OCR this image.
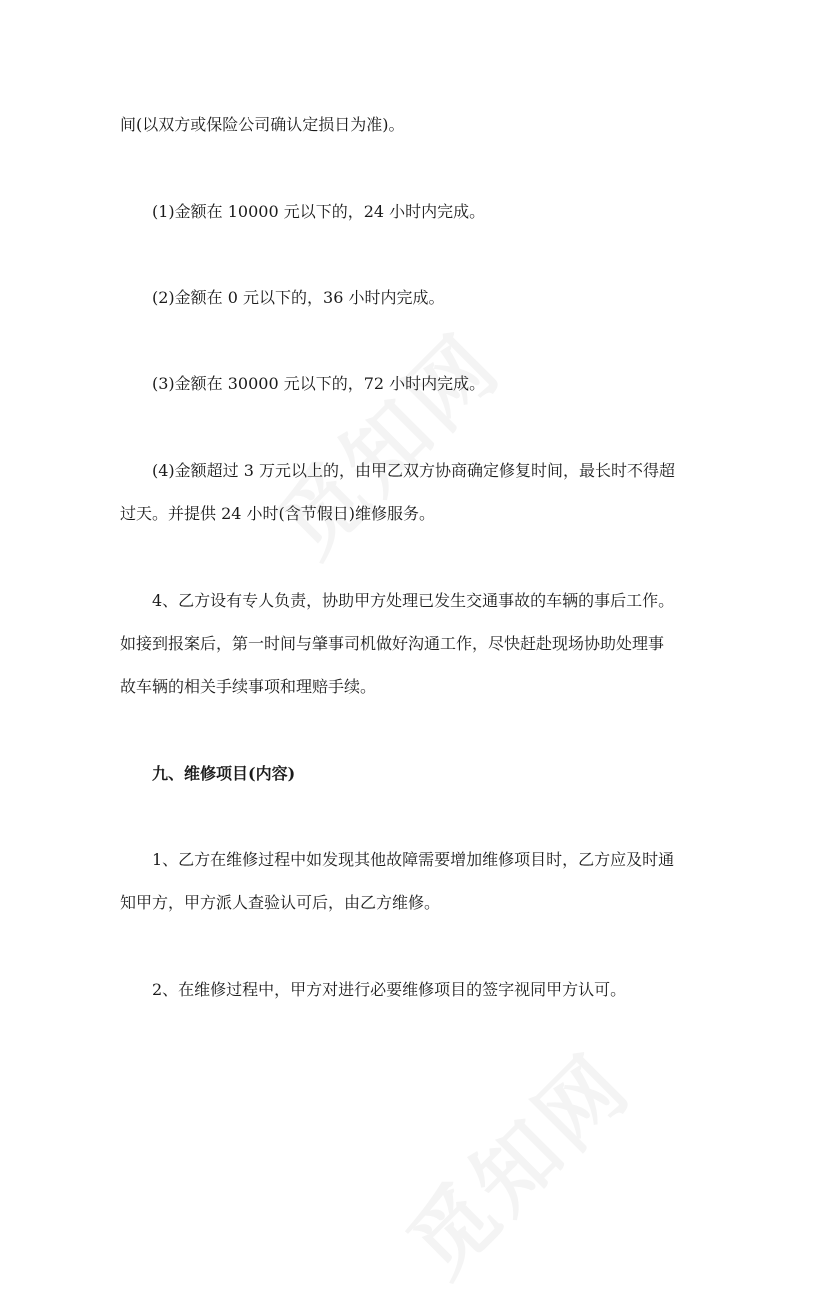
间(以双方或保险公司确认定损日为准)。
(1)金额在 10000 元以下的，24 小时内完成。
(2)金额在 0 元以下的，36 小时内完成。
(3)金额在 30000 元以下的，72 小时内完成。
(4)金额超过 3 万元以上的，由甲乙双方协商确定修复时间，最长时不得超
过天。并提供 24 小时(含节假日)维修服务。
4、乙方设有专人负责，协助甲方处理已发生交通事故的车辆的事后工作。
如接到报案后，第一时间与肇事司机做好沟通工作，尽快赶赴现场协助处理事
故车辆的相关手续事项和理赔手续。
九、维修项目(内容)
1、乙方在维修过程中如发现其他故障需要增加维修项目时，乙方应及时通
知甲方，甲方派人查验认可后，由乙方维修。
2、在维修过程中，甲方对进行必要维修项目的签字视同甲方认可。
